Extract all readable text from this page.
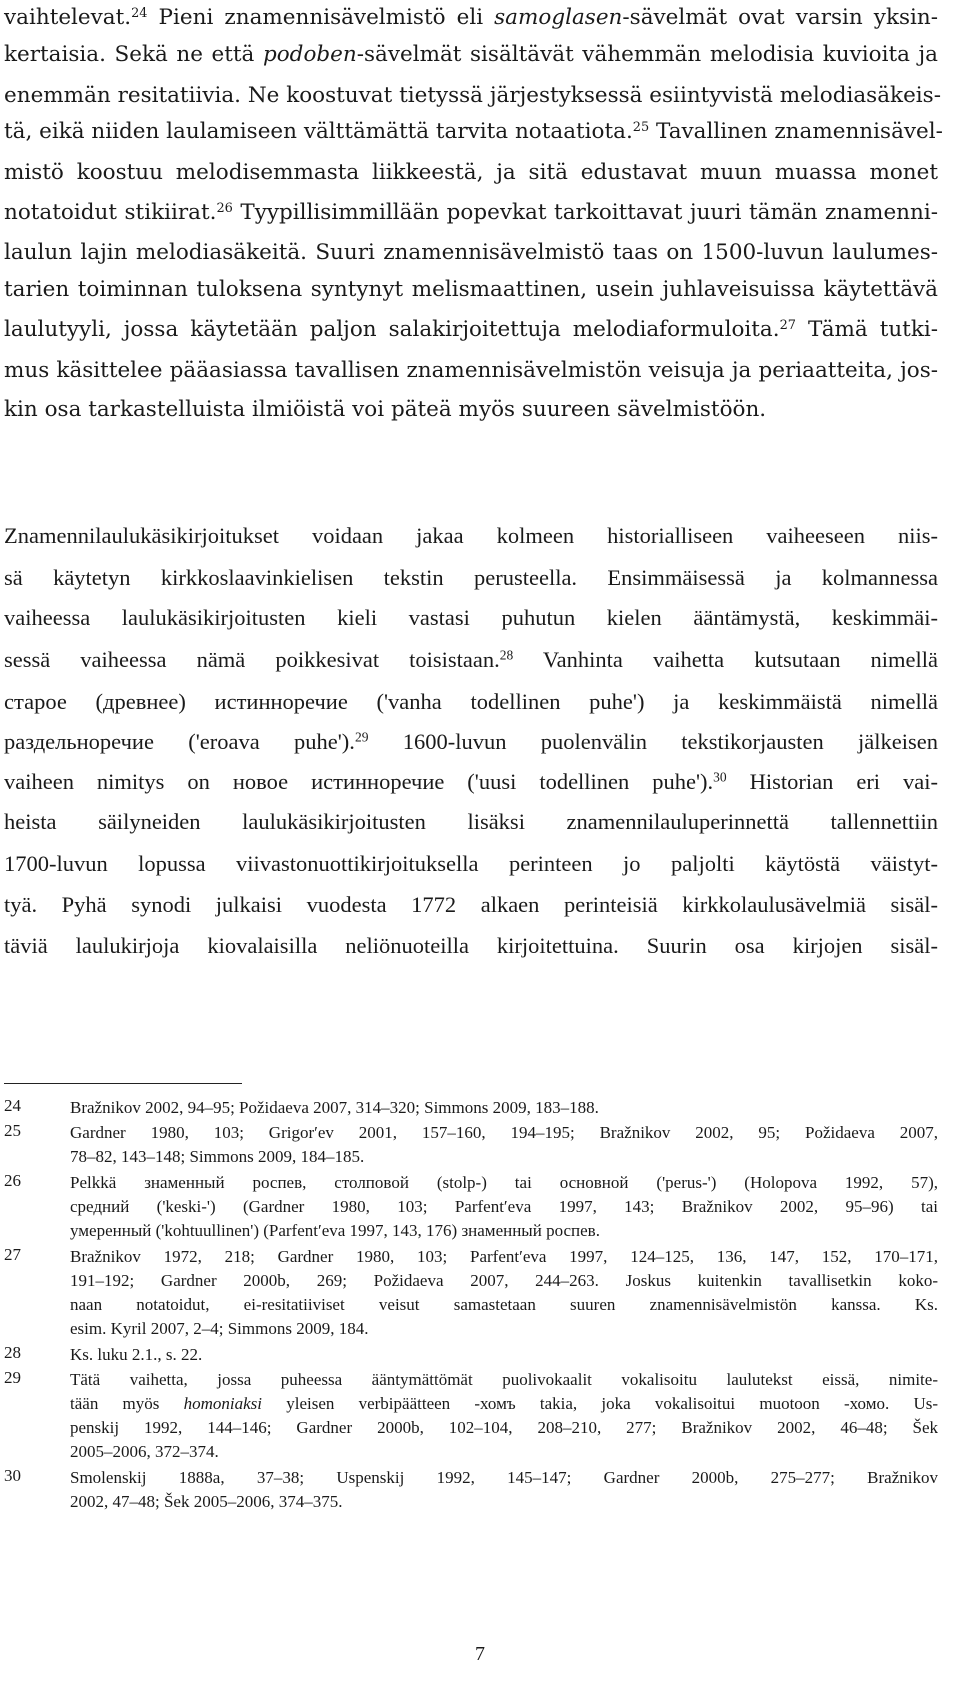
vaihtelevat.$^{24}$ Pieni znamennisävelmistö eli samoglasen-sävelmät ovat varsin yksin-
kertaisia. Sekä ne että podoben-sävelmät sisältävät vähemmän melodisia kuvioita ja
enemmän resitatiivia. Ne koostuvat tietyssä järjestyksessä esiintyvistä melodiasäkeis-
tä, eikä niiden laulamiseen välttämättä tarvita notaatiota.$^{25}$ Tavallinen znamennisävel-
mistö koostuu melodisemmasta liikkeestä, ja sitä edustavat muun muassa monet
notatoidut stikiirat.$^{26}$ Tyypillisimmillään popevkat tarkoittavat juuri tämän znamenni-
laulun lajin melodiasäkeitä. Suuri znamennisävelmistö taas on 1500-luvun laulumes-
tarien toiminnan tuloksena syntynyt melismaattinen, usein juhlaveisuissa käytettävä
laulutyyli, jossa käytetään paljon salakirjoitettuja melodiaformuloita.$^{27}$ Tämä tutki-
mus käsittelee pääasiassa tavallisen znamennisävelmistön veisuja ja periaatteita, jos-
kin osa tarkastelluista ilmiöistä voi päteä myös suureen sävelmistöön.
Znamennilaulukäsikirjoitukset voidaan jakaa kolmeen historialliseen vaiheeseen niis-
sä käytetyn kirkkoslaavinkielisen tekstin perusteella. Ensimmäisessä ja kolmannessa
vaiheessa laulukäsikirjoitusten kieli vastasi puhutun kielen ääntämystä, keskimmäi-
sessä vaiheessa nämä poikkesivat toisistaan.$^{28}$ Vanhinta vaihetta kutsutaan nimellä
старое (древнее) истинноречие ('vanha todellinen puhe') ja keskimmäistä nimellä
раздельноречие ('eroava puhe').$^{29}$ 1600-luvun puolenvälin tekstikorjausten jälkeisen
vaiheen nimitys on новое истинноречие ('uusi todellinen puhe').$^{30}$ Historian eri vai-
heista säilyneiden laulukäsikirjoitusten lisäksi znamennilauluperinnettä tallennettiin
1700-luvun lopussa viivastonuottikirjoituksella perinteen jo paljolti käytöstä väistyt-
tyä. Pyhä synodi julkaisi vuodesta 1772 alkaen perinteisiä kirkkolaulusävelmiä sisäl-
täviä laulukirjoja kiovalaisilla neliönuoteilla kirjoitettuina. Suurin osa kirjojen sisäl-
24	Bražnikov 2002, 94–95; Požidaeva 2007, 314–320; Simmons 2009, 183–188.
25	Gardner 1980, 103; Grigorʹev 2001, 157–160, 194–195; Bražnikov 2002, 95; Požidaeva 2007,
78–82, 143–148; Simmons 2009, 184–185.
26	Pelkkä знаменный роспев, столповой (stolp-) tai основной ('perus-') (Holopova 1992, 57),
средний ('keski-') (Gardner 1980, 103; Parfentʹeva 1997, 143; Bražnikov 2002, 95–96) tai
умеренный ('kohtuullinen') (Parfentʹeva 1997, 143, 176) знаменный роспев.
27	Bražnikov 1972, 218; Gardner 1980, 103; Parfentʹeva 1997, 124–125, 136, 147, 152, 170–171,
191–192; Gardner 2000b, 269; Požidaeva 2007, 244–263. Joskus kuitenkin tavallisetkin koko-
naan notatoidut, ei-resitatiiviset veisut samastetaan suuren znamennisävelmistön kanssa. Ks.
esim. Kyril 2007, 2–4; Simmons 2009, 184.
28	Ks. luku 2.1., s. 22.
29	Tätä vaihetta, jossa puheessa ääntymättömät puolivokaalit vokalisoitu laulutekst eissä, nimite-
tään myös homoniaksi yleisen verbipäätteen -хомъ takia, joka vokalisoitui muotoon -хомо. Us-
penskij 1992, 144–146; Gardner 2000b, 102–104, 208–210, 277; Bražnikov 2002, 46–48; Šek
2005–2006, 372–374.
30	Smolenskij 1888a, 37–38; Uspenskij 1992, 145–147; Gardner 2000b, 275–277; Bražnikov
2002, 47–48; Šek 2005–2006, 374–375.
7
